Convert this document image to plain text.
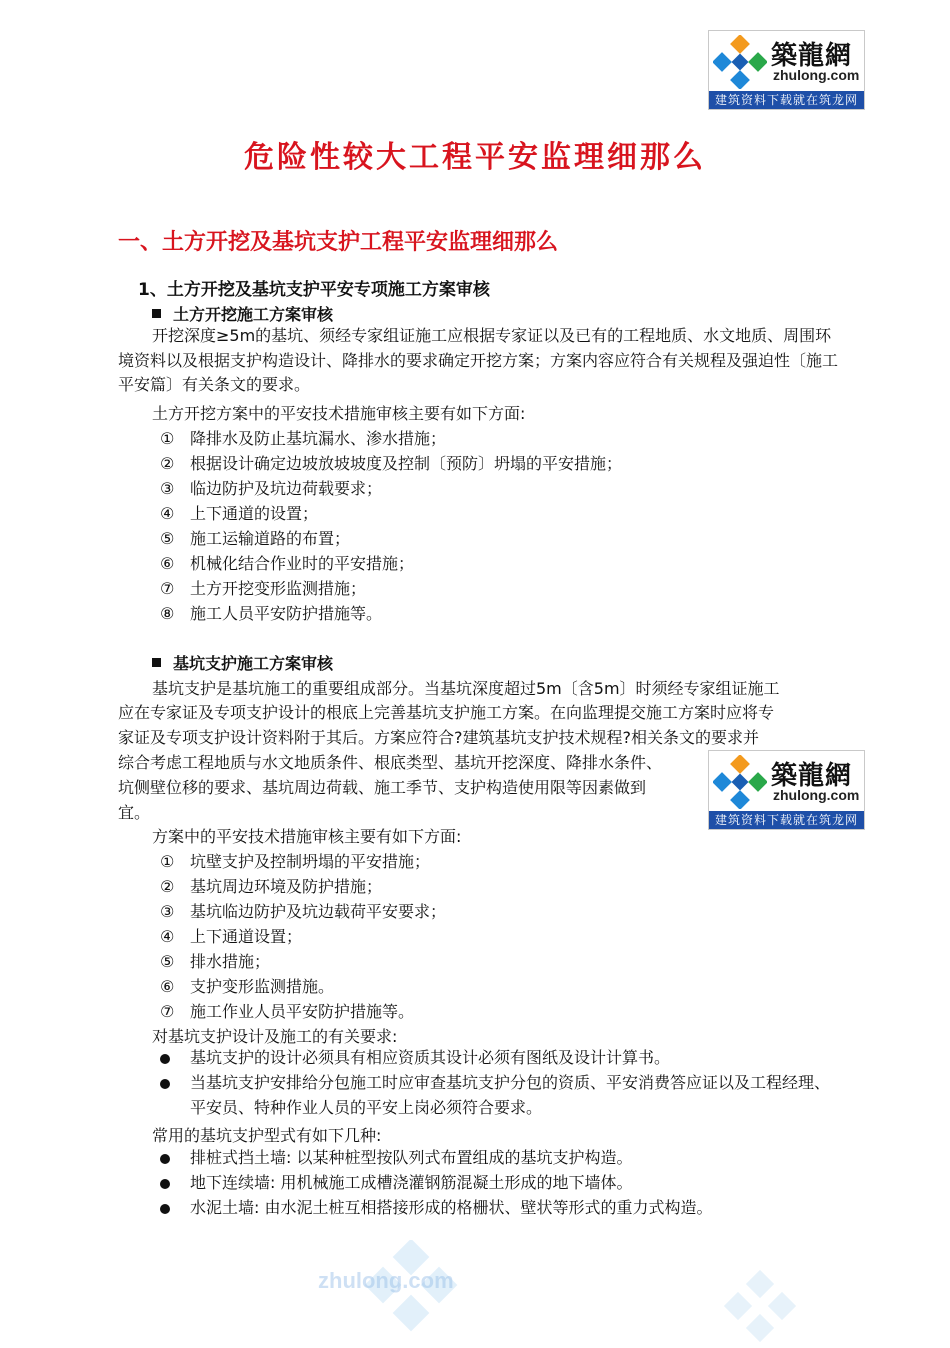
築龍網
zhulong.com
建筑资料下载就在筑龙网
危险性较大工程平安监理细那么
一、土方开挖及基坑支护工程平安监理细那么
1、土方开挖及基坑支护平安专项施工方案审核
土方开挖施工方案审核

开挖深度≥5m的基坑、须经专家组证施工应根据专家证以及已有的工程地质、水文地质、周围环境资料以及根据支护构造设计、降排水的要求确定开挖方案；方案内容应符合有关规程及强迫性〔施工平安篇〕有关条文的要求。

土方开挖方案中的平安技术措施审核主要有如下方面:
① 降排水及防止基坑漏水、渗水措施；
② 根据设计确定边坡放坡坡度及控制〔预防〕坍塌的平安措施；
③ 临边防护及坑边荷载要求；
④ 上下通道的设置；
⑤ 施工运输道路的布置；
⑥ 机械化结合作业时的平安措施；
⑦ 土方开挖变形监测措施；
⑧ 施工人员平安防护措施等。
基坑支护施工方案审核
基坑支护是基坑施工的重要组成部分。当基坑深度超过5m〔含5m〕时须经专家组证施工
应在专家证及专项支护设计的根底上完善基坑支护施工方案。在向监理提交施工方案时应将专
家证及专项支护设计资料附于其后。方案应符合?建筑基坑支护技术规程?相关条文的要求并
综合考虑工程地质与水文地质条件、根底类型、基坑开挖深度、降排水条件、
坑侧壁位移的要求、基坑周边荷载、施工季节、支护构造使用限等因素做到
宜。
築龍網
zhulong.com
建筑资料下载就在筑龙网
方案中的平安技术措施审核主要有如下方面:
① 坑壁支护及控制坍塌的平安措施；
② 基坑周边环境及防护措施；
③ 基坑临边防护及坑边载荷平安要求；
④ 上下通道设置；
⑤ 排水措施；
⑥ 支护变形监测措施。
⑦ 施工作业人员平安防护措施等。
对基坑支护设计及施工的有关要求:
基坑支护的设计必须具有相应资质其设计必须有图纸及设计计算书。
当基坑支护安排给分包施工时应审查基坑支护分包的资质、平安消费答应证以及工程经理、平安员、特种作业人员的平安上岗必须符合要求。
常用的基坑支护型式有如下几种:
排桩式挡土墙: 以某种桩型按队列式布置组成的基坑支护构造。
地下连续墙: 用机械施工成槽浇灌钢筋混凝土形成的地下墙体。
水泥土墙: 由水泥土桩互相搭接形成的格栅状、壁状等形式的重力式构造。
zhulong.com
